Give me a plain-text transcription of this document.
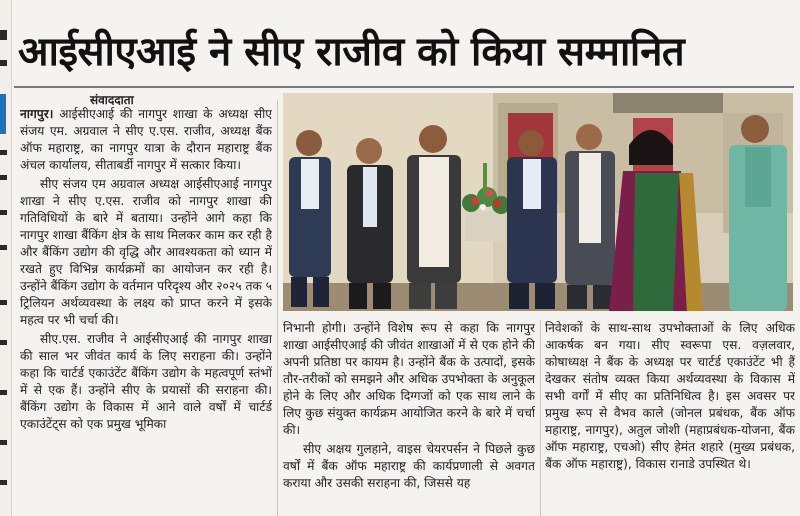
आईसीएआई ने सीए राजीव को किया सम्मानित
संवाददाता

नागपुर। आईसीएआई की नागपुर शाखा के अध्यक्ष सीए संजय एम. अग्रवाल ने सीए ए.एस. राजीव, अध्यक्ष बैंक ऑफ महाराष्ट्र, का नागपुर यात्रा के दौरान महाराष्ट्र बैंक अंचल कार्यालय, सीताबर्डी नागपुर में सत्कार किया।

सीए संजय एम अग्रवाल अध्यक्ष आईसीएआई नागपुर शाखा ने सीए ए.एस. राजीव को नागपुर शाखा की गतिविधियों के बारे में बताया। उन्होंने आगे कहा कि नागपुर शाखा बैंकिंग क्षेत्र के साथ मिलकर काम कर रही है और बैंकिंग उद्योग की वृद्धि और आवश्यकता को ध्यान में रखते हुए विभिन्न कार्यक्रमों का आयोजन कर रही है। उन्होंने बैंकिंग उद्योग के वर्तमान परिदृश्य और २०२५ तक ५ ट्रिलियन अर्थव्यवस्था के लक्ष्य को प्राप्त करने में इसके महत्व पर भी चर्चा की।

सीए.एस. राजीव ने आईसीएआई की नागपुर शाखा की साल भर जीवंत कार्य के लिए सराहना की। उन्होंने कहा कि चार्टर्ड एकाउंटेंट बैंकिंग उद्योग के महत्वपूर्ण स्तंभों में से एक हैं। उन्होंने सीए के प्रयासों की सराहना की। बैंकिंग उद्योग के विकास में आने वाले वर्षों में चार्टर्ड एकाउंटेंट्स को एक प्रमुख भूमिका

निभानी होगी। उन्होंने विशेष रूप से कहा कि नागपुर शाखा आईसीएआई की जीवंत शाखाओं में से एक होने की अपनी प्रतिष्ठा पर कायम है। उन्होंने बैंक के उत्पादों, इसके तौर-तरीकों को समझने और अधिक उपभोक्ता के अनुकूल होने के लिए और अधिक दिग्गजों को एक साथ लाने के लिए कुछ संयुक्त कार्यक्रम आयोजित करने के बारे में चर्चा की।

सीए अक्षय गुलहाने, वाइस चेयरपर्सन ने पिछले कुछ वर्षों में बैंक ऑफ महाराष्ट्र की कार्यप्रणाली से अवगत कराया और उसकी सराहना की, जिससे यह

निवेशकों के साथ-साथ उपभोक्ताओं के लिए अधिक आकर्षक बन गया। सीए स्वरूपा एस. वज़लवार, कोषाध्यक्ष ने बैंक के अध्यक्ष पर चार्टर्ड एकाउंटेंट भी हैं देखकर संतोष व्यक्त किया अर्थव्यवस्था के विकास में सभी वर्गों में सीए का प्रतिनिधित्व है। इस अवसर पर प्रमुख रूप से वैभव काले (जोनल प्रबंधक, बैंक ऑफ महाराष्ट्र, नागपुर), अतुल जोशी (महाप्रबंधक-योजना, बैंक ऑफ महाराष्ट्र, एचओ) सीए हेमंत शहारे (मुख्य प्रबंधक, बैंक ऑफ महाराष्ट्र), विकास रानाडे उपस्थित थे।
